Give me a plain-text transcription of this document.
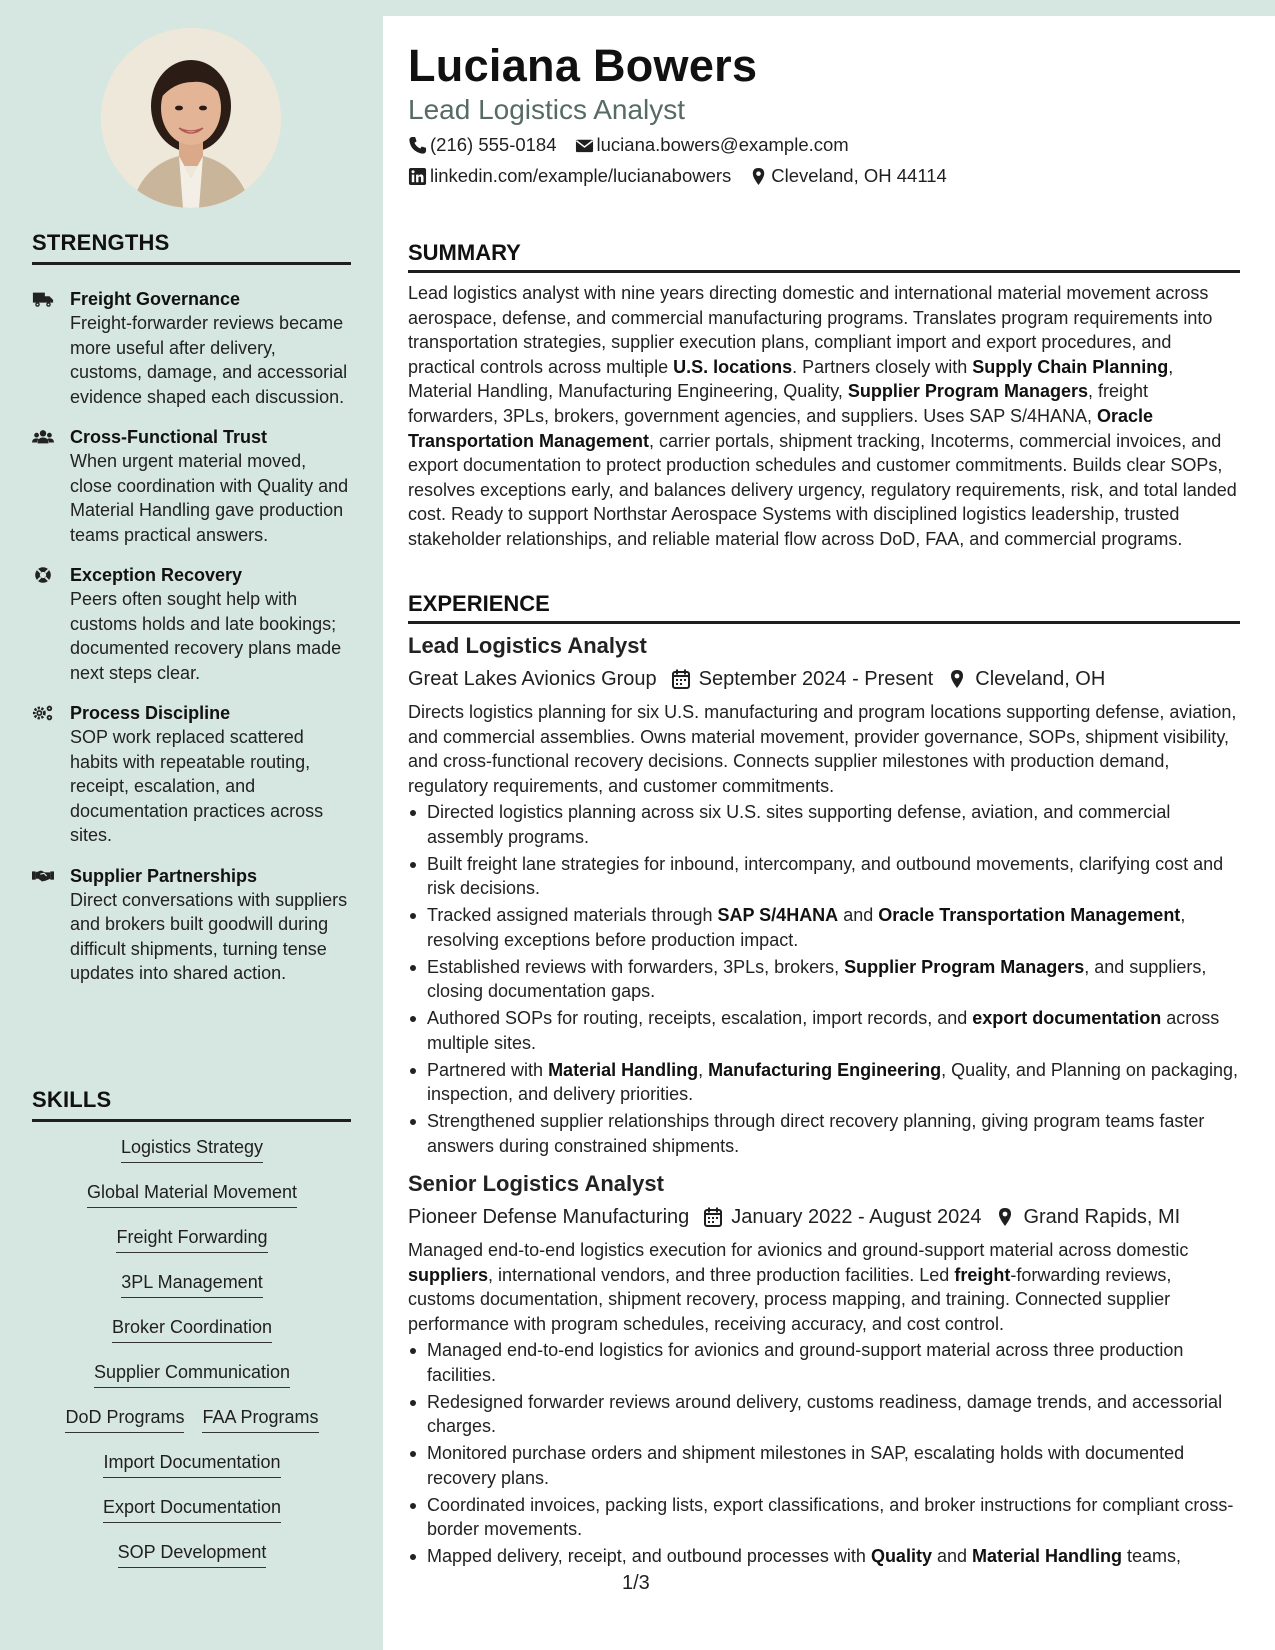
STRENGTHS
Freight Governance
Freight-forwarder reviews became more useful after delivery, customs, damage, and accessorial evidence shaped each discussion.
Cross-Functional Trust
When urgent material moved, close coordination with Quality and Material Handling gave production teams practical answers.
Exception Recovery
Peers often sought help with customs holds and late bookings; documented recovery plans made next steps clear.
Process Discipline
SOP work replaced scattered habits with repeatable routing, receipt, escalation, and documentation practices across sites.
Supplier Partnerships
Direct conversations with suppliers and brokers built goodwill during difficult shipments, turning tense updates into shared action.
SKILLS
Logistics Strategy
Global Material Movement
Freight Forwarding
3PL Management
Broker Coordination
Supplier Communication
DoD Programs FAA Programs
Import Documentation
Export Documentation
SOP Development
Luciana Bowers
Lead Logistics Analyst
(216) 555-0184 luciana.bowers@example.com
linkedin.com/example/lucianabowers Cleveland, OH 44114
SUMMARY
Lead logistics analyst with nine years directing domestic and international material movement across aerospace, defense, and commercial manufacturing programs. Translates program requirements into transportation strategies, supplier execution plans, compliant import and export procedures, and practical controls across multiple U.S. locations. Partners closely with Supply Chain Planning, Material Handling, Manufacturing Engineering, Quality, Supplier Program Managers, freight forwarders, 3PLs, brokers, government agencies, and suppliers. Uses SAP S/4HANA, Oracle Transportation Management, carrier portals, shipment tracking, Incoterms, commercial invoices, and export documentation to protect production schedules and customer commitments. Builds clear SOPs, resolves exceptions early, and balances delivery urgency, regulatory requirements, risk, and total landed cost. Ready to support Northstar Aerospace Systems with disciplined logistics leadership, trusted stakeholder relationships, and reliable material flow across DoD, FAA, and commercial programs.
EXPERIENCE
Lead Logistics Analyst
Great Lakes Avionics Group September 2024 - Present Cleveland, OH
Directs logistics planning for six U.S. manufacturing and program locations supporting defense, aviation, and commercial assemblies. Owns material movement, provider governance, SOPs, shipment visibility, and cross-functional recovery decisions. Connects supplier milestones with production demand, regulatory requirements, and customer commitments.
Directed logistics planning across six U.S. sites supporting defense, aviation, and commercial assembly programs.
Built freight lane strategies for inbound, intercompany, and outbound movements, clarifying cost and risk decisions.
Tracked assigned materials through SAP S/4HANA and Oracle Transportation Management, resolving exceptions before production impact.
Established reviews with forwarders, 3PLs, brokers, Supplier Program Managers, and suppliers, closing documentation gaps.
Authored SOPs for routing, receipts, escalation, import records, and export documentation across multiple sites.
Partnered with Material Handling, Manufacturing Engineering, Quality, and Planning on packaging, inspection, and delivery priorities.
Strengthened supplier relationships through direct recovery planning, giving program teams faster answers during constrained shipments.
Senior Logistics Analyst
Pioneer Defense Manufacturing January 2022 - August 2024 Grand Rapids, MI
Managed end-to-end logistics execution for avionics and ground-support material across domestic suppliers, international vendors, and three production facilities. Led freight-forwarding reviews, customs documentation, shipment recovery, process mapping, and training. Connected supplier performance with program schedules, receiving accuracy, and cost control.
Managed end-to-end logistics for avionics and ground-support material across three production facilities.
Redesigned forwarder reviews around delivery, customs readiness, damage trends, and accessorial charges.
Monitored purchase orders and shipment milestones in SAP, escalating holds with documented recovery plans.
Coordinated invoices, packing lists, export classifications, and broker instructions for compliant cross-border movements.
Mapped delivery, receipt, and outbound processes with Quality and Material Handling teams,
1/3
